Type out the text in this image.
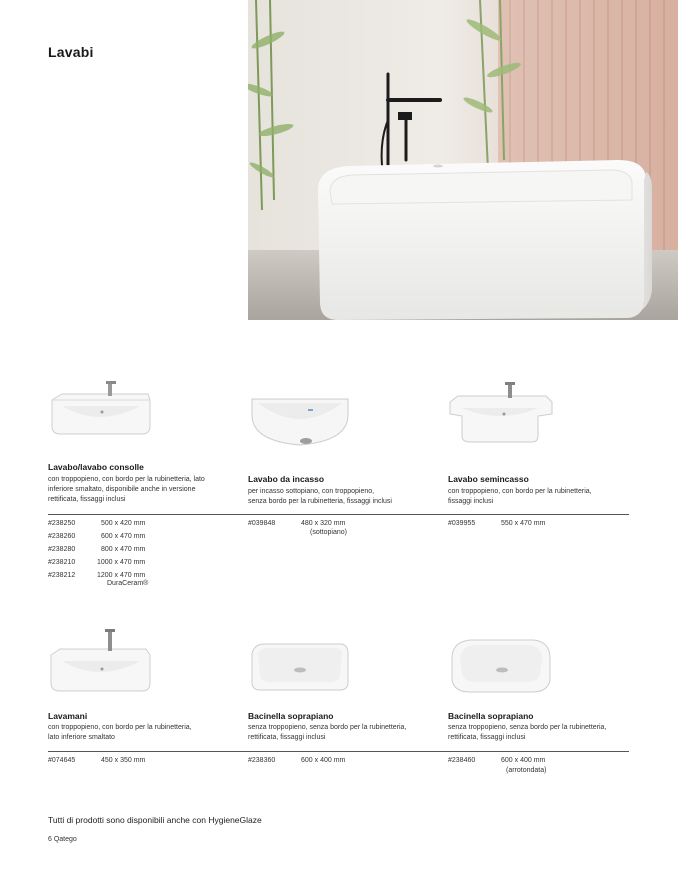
Lavabi
Lavabo/lavabo consolle
con troppopieno, con bordo per la rubinetteria, lato
inferiore smaltato, disponibile anche in versione
rettificata, fissaggi inclusi
Lavabo da incasso
per incasso sottopiano, con troppopieno,
senza bordo per la rubinetteria, fissaggi inclusi
Lavabo semincasso
con troppopieno, con bordo per la rubinetteria,
fissaggi inclusi
#238250	500 x 420 mm
#238260	600 x 470 mm
#238280	800 x 470 mm
#238210	1000 x 470 mm
#238212	1200 x 470 mm
DuraCeram®
#039848	480 x 320 mm
(sottopiano)
#039955	550 x 470 mm
Lavamani
con troppopieno, con bordo per la rubinetteria,
lato inferiore smaltato
Bacinella soprapiano
senza troppopieno, senza bordo per la rubinetteria,
rettificata, fissaggi inclusi
Bacinella soprapiano
senza troppopieno, senza bordo per la rubinetteria,
rettificata, fissaggi inclusi
#074645	450 x 350 mm	#238360	600 x 400 mm	#238460	600 x 400 mm
(arrotondata)
Tutti di prodotti sono disponibili anche con HygieneGlaze
6 Qatego
